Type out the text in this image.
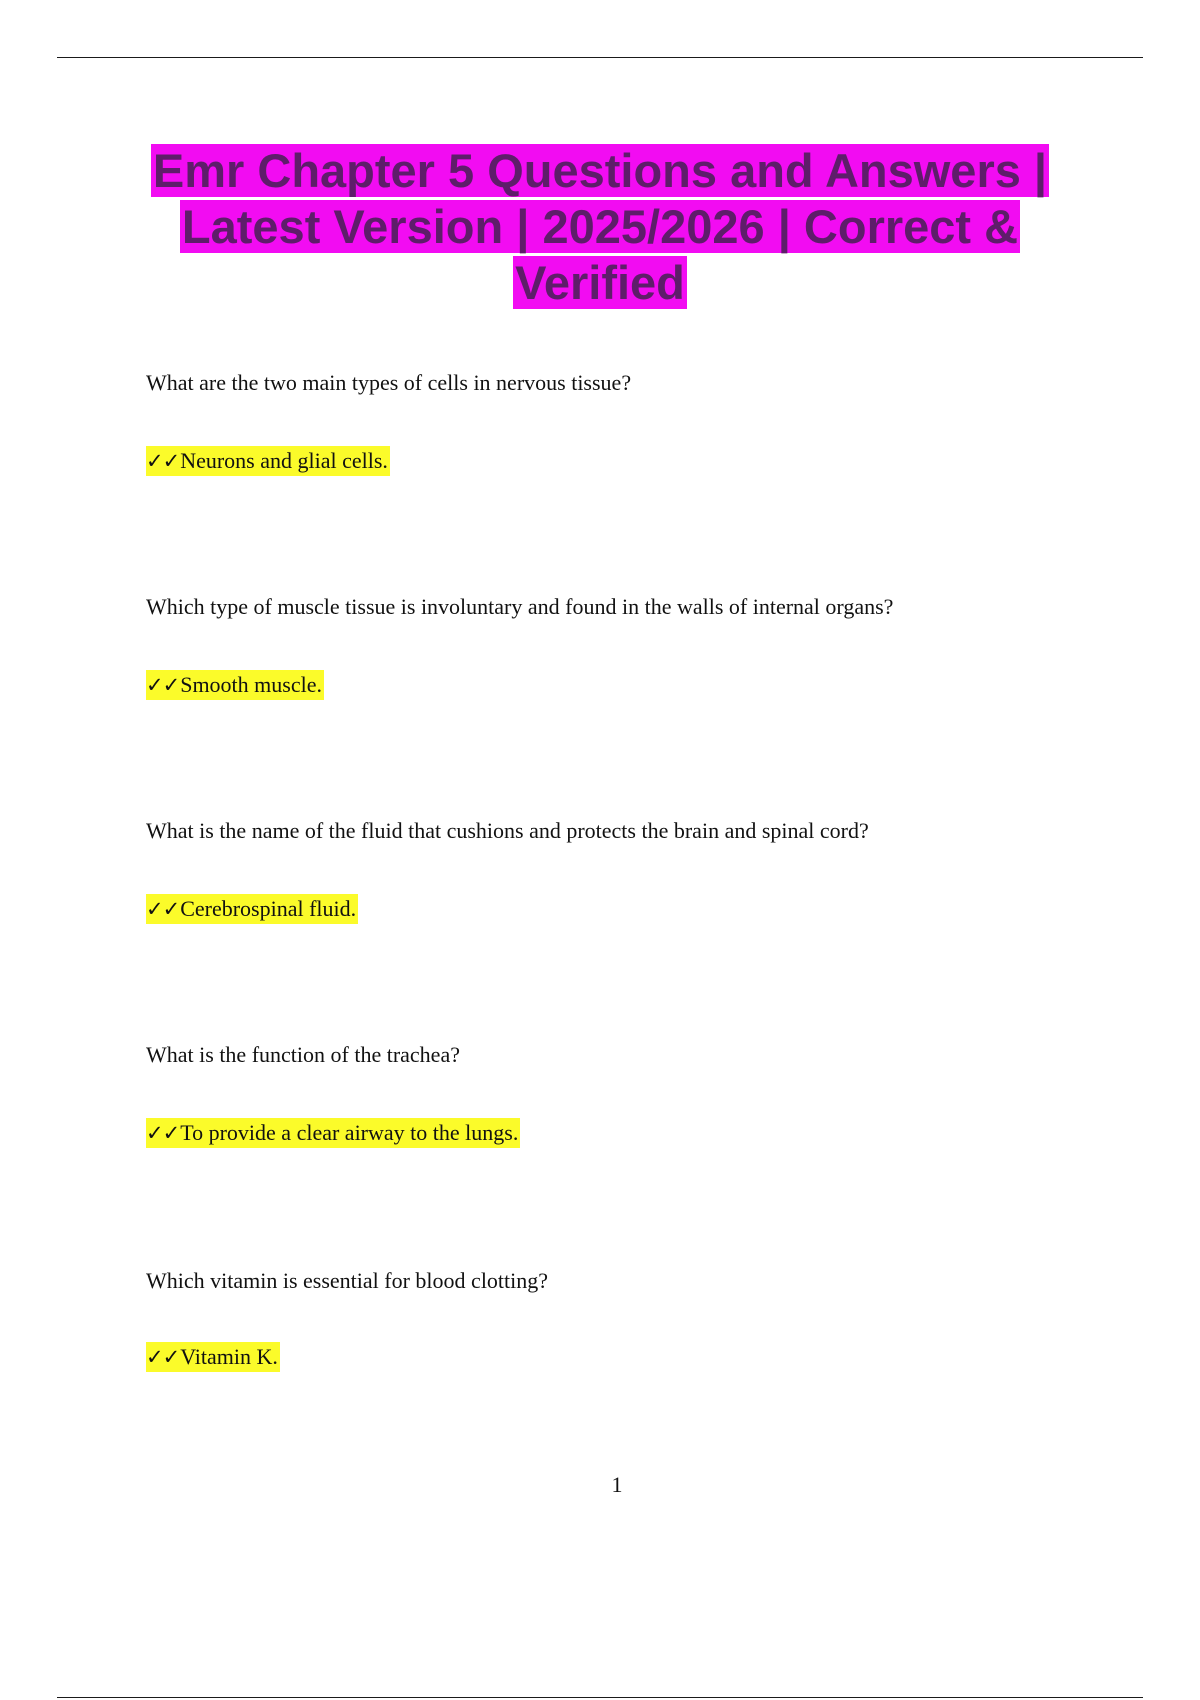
Emr Chapter 5 Questions and Answers | Latest Version | 2025/2026 | Correct & Verified
What are the two main types of cells in nervous tissue?
✓✓Neurons and glial cells.
Which type of muscle tissue is involuntary and found in the walls of internal organs?
✓✓Smooth muscle.
What is the name of the fluid that cushions and protects the brain and spinal cord?
✓✓Cerebrospinal fluid.
What is the function of the trachea?
✓✓To provide a clear airway to the lungs.
Which vitamin is essential for blood clotting?
✓✓Vitamin K.
1
